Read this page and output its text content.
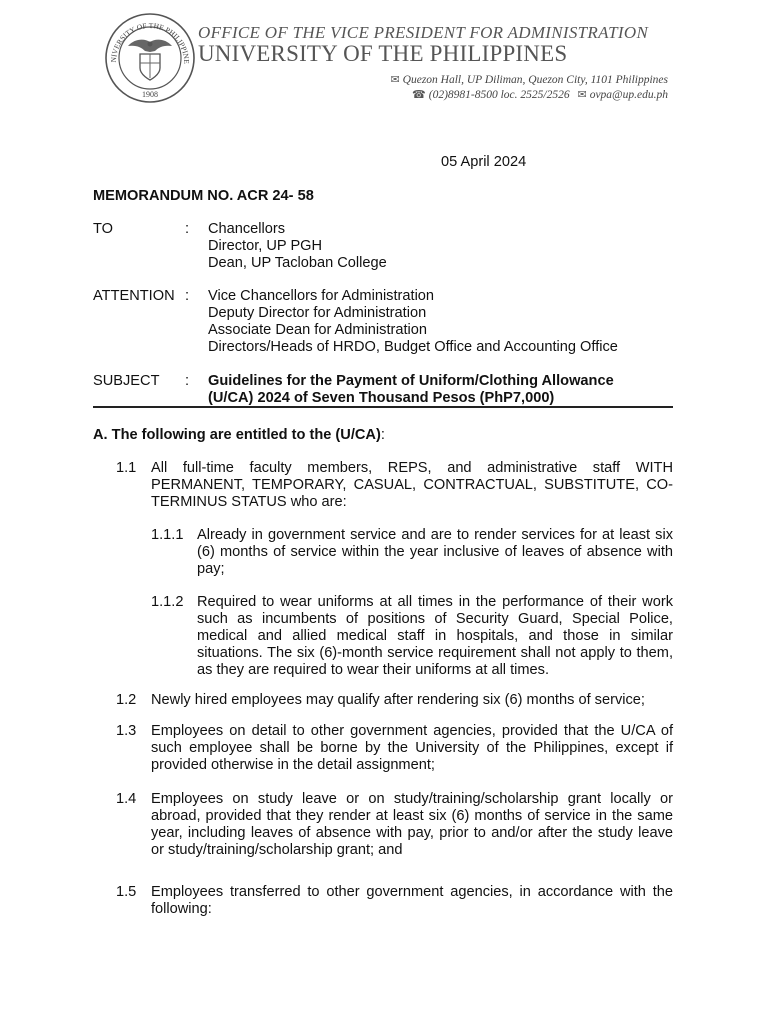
NIVERSITY OF THE PHILIPPINE
1908
OFFICE OF THE VICE PRESIDENT FOR ADMINISTRATION
UNIVERSITY OF THE PHILIPPINES
✉ Quezon Hall, UP Diliman, Quezon City, 1101 Philippines
☎ (02)8981-8500 loc. 2525/2526 ✉ ovpa@up.edu.ph
05 April 2024
MEMORANDUM NO. ACR 24- 58
TO	: Chancellors
Director, UP PGH
Dean, UP Tacloban College
ATTENTION : Vice Chancellors for Administration
Deputy Director for Administration
Associate Dean for Administration
Directors/Heads of HRDO, Budget Office and Accounting Office
SUBJECT : Guidelines for the Payment of Uniform/Clothing Allowance
(U/CA) 2024 of Seven Thousand Pesos (PhP7,000)
A. The following are entitled to the (U/CA):
1.1 All full-time faculty members, REPS, and administrative staff WITH PERMANENT, TEMPORARY, CASUAL, CONTRACTUAL, SUBSTITUTE, CO-TERMINUS STATUS who are:
1.1.1 Already in government service and are to render services for at least six (6) months of service within the year inclusive of leaves of absence with pay;
1.1.2 Required to wear uniforms at all times in the performance of their work such as incumbents of positions of Security Guard, Special Police, medical and allied medical staff in hospitals, and those in similar situations. The six (6)-month service requirement shall not apply to them, as they are required to wear their uniforms at all times.
1.2 Newly hired employees may qualify after rendering six (6) months of service;
1.3 Employees on detail to other government agencies, provided that the U/CA of such employee shall be borne by the University of the Philippines, except if provided otherwise in the detail assignment;
1.4 Employees on study leave or on study/training/scholarship grant locally or abroad, provided that they render at least six (6) months of service in the same year, including leaves of absence with pay, prior to and/or after the study leave or study/training/scholarship grant; and
1.5 Employees transferred to other government agencies, in accordance with the following:
